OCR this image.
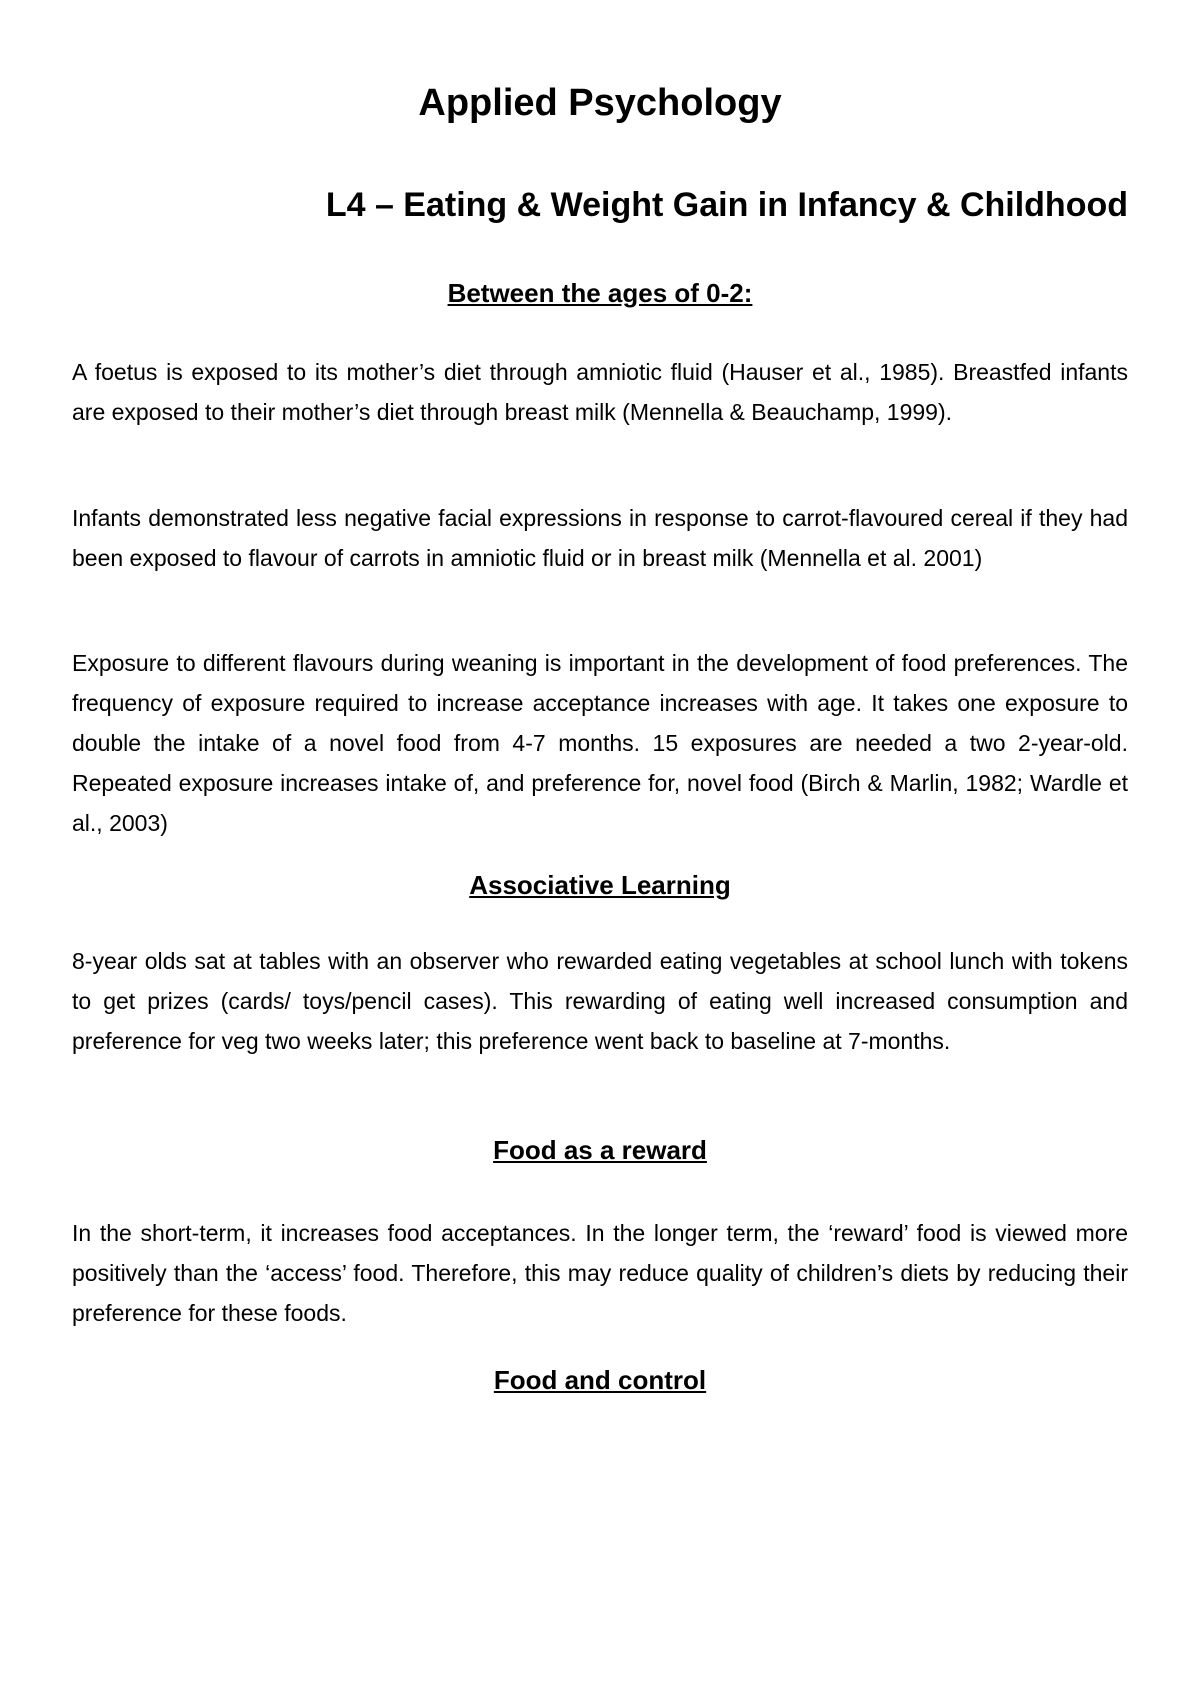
Applied Psychology
L4 – Eating & Weight Gain in Infancy & Childhood
Between the ages of 0-2:

A foetus is exposed to its mother’s diet through amniotic fluid (Hauser et al., 1985). Breastfed infants are exposed to their mother’s diet through breast milk (Mennella & Beauchamp, 1999).

Infants demonstrated less negative facial expressions in response to carrot-flavoured cereal if they had been exposed to flavour of carrots in amniotic fluid or in breast milk (Mennella et al. 2001)

Exposure to different flavours during weaning is important in the development of food preferences. The frequency of exposure required to increase acceptance increases with age. It takes one exposure to double the intake of a novel food from 4-7 months. 15 exposures are needed a two 2-year-old. Repeated exposure increases intake of, and preference for, novel food (Birch & Marlin, 1982; Wardle et al., 2003)

Associative Learning

8-year olds sat at tables with an observer who rewarded eating vegetables at school lunch with tokens to get prizes (cards/ toys/pencil cases). This rewarding of eating well increased consumption and preference for veg two weeks later; this preference went back to baseline at 7-months.

Food as a reward

In the short-term, it increases food acceptances. In the longer term, the ‘reward’ food is viewed more positively than the ‘access’ food. Therefore, this may reduce quality of children’s diets by reducing their preference for these foods.

Food and control
